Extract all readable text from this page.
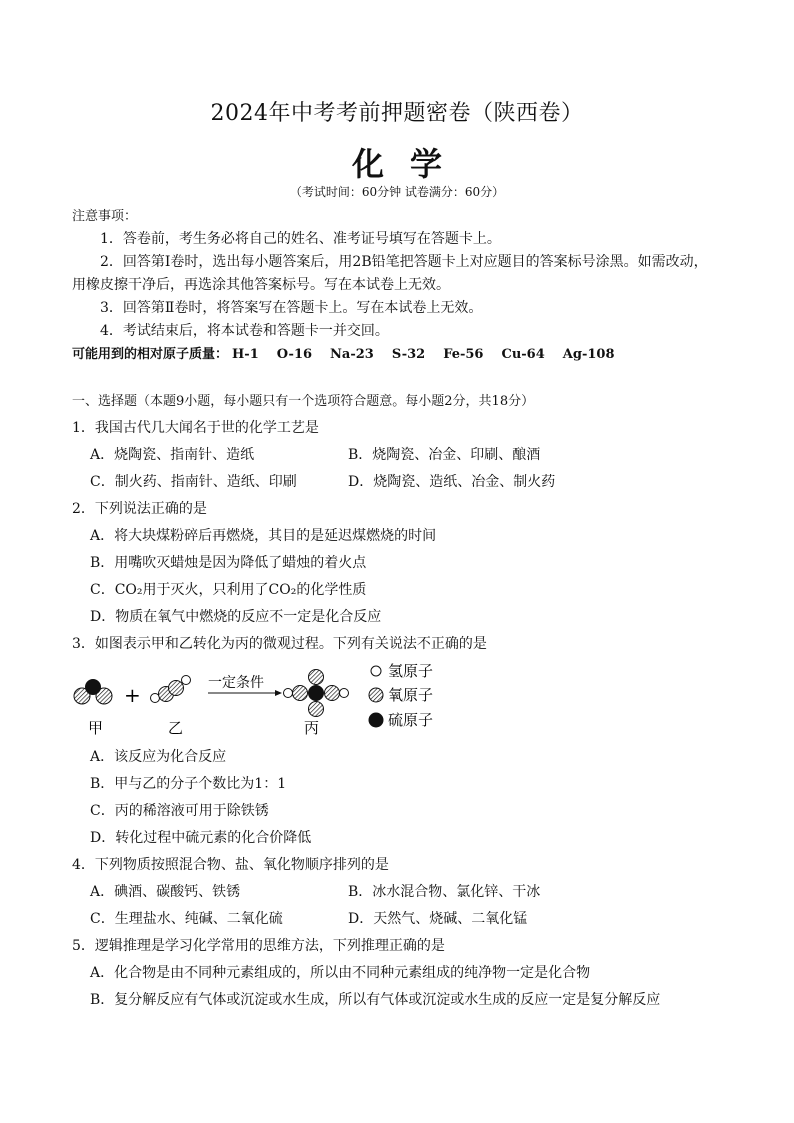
2024年中考考前押题密卷（陕西卷）
化学
（考试时间：60分钟 试卷满分：60分）
注意事项：
1．答卷前，考生务必将自己的姓名、准考证号填写在答题卡上。
2．回答第Ⅰ卷时，选出每小题答案后，用2B铅笔把答题卡上对应题目的答案标号涂黑。如需改动，
用橡皮擦干净后，再选涂其他答案标号。写在本试卷上无效。
3．回答第Ⅱ卷时，将答案写在答题卡上。写在本试卷上无效。
4．考试结束后，将本试卷和答题卡一并交回。
可能用到的相对原子质量： H-1 O-16 Na-23 S-32 Fe-56 Cu-64 Ag-108
一、选择题（本题9小题，每小题只有一个选项符合题意。每小题2分，共18分）
1．我国古代几大闻名于世的化学工艺是
A．烧陶瓷、指南针、造纸	B．烧陶瓷、冶金、印刷、酿酒
C．制火药、指南针、造纸、印刷	D．烧陶瓷、造纸、冶金、制火药
2．下列说法正确的是
A．将大块煤粉碎后再燃烧，其目的是延迟煤燃烧的时间
B．用嘴吹灭蜡烛是因为降低了蜡烛的着火点
C．CO₂用于灭火，只利用了CO₂的化学性质
D．物质在氧气中燃烧的反应不一定是化合反应
3．如图表示甲和乙转化为丙的微观过程。下列有关说法不正确的是
甲
+
乙
一定条件
丙
氢原子
氧原子
硫原子
A．该反应为化合反应
B．甲与乙的分子个数比为1：1
C．丙的稀溶液可用于除铁锈
D．转化过程中硫元素的化合价降低
4．下列物质按照混合物、盐、氧化物顺序排列的是
A．碘酒、碳酸钙、铁锈	B．冰水混合物、氯化锌、干冰
C．生理盐水、纯碱、二氧化硫	D．天然气、烧碱、二氧化锰
5．逻辑推理是学习化学常用的思维方法，下列推理正确的是
A．化合物是由不同种元素组成的，所以由不同种元素组成的纯净物一定是化合物
B．复分解反应有气体或沉淀或水生成，所以有气体或沉淀或水生成的反应一定是复分解反应
